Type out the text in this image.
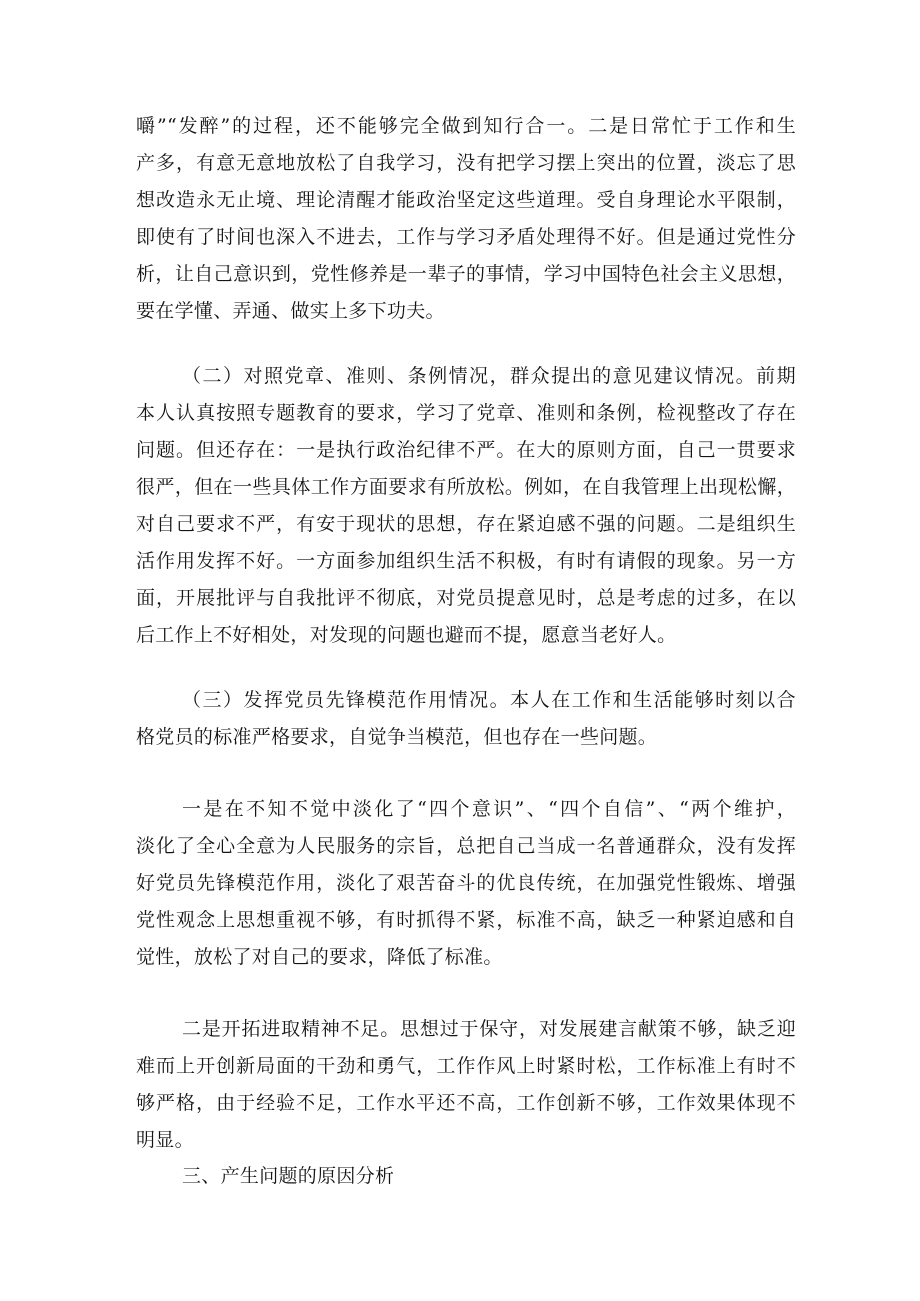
嚼”“发醉”的过程，还不能够完全做到知行合一。二是日常忙于工作和生
产多，有意无意地放松了自我学习，没有把学习摆上突出的位置，淡忘了思
想改造永无止境、理论清醒才能政治坚定这些道理。受自身理论水平限制，
即使有了时间也深入不进去，工作与学习矛盾处理得不好。但是通过党性分
析，让自己意识到，党性修养是一辈子的事情，学习中国特色社会主义思想，
要在学懂、弄通、做实上多下功夫。
（二）对照党章、准则、条例情况，群众提出的意见建议情况。前期
本人认真按照专题教育的要求，学习了党章、准则和条例，检视整改了存在
问题。但还存在：一是执行政治纪律不严。在大的原则方面，自己一贯要求
很严，但在一些具体工作方面要求有所放松。例如，在自我管理上出现松懈，
对自己要求不严，有安于现状的思想，存在紧迫感不强的问题。二是组织生
活作用发挥不好。一方面参加组织生活不积极，有时有请假的现象。另一方
面，开展批评与自我批评不彻底，对党员提意见时，总是考虑的过多，在以
后工作上不好相处，对发现的问题也避而不提，愿意当老好人。
（三）发挥党员先锋模范作用情况。本人在工作和生活能够时刻以合
格党员的标准严格要求，自觉争当模范，但也存在一些问题。
一是在不知不觉中淡化了“四个意识”、“四个自信”、“两个维护，
淡化了全心全意为人民服务的宗旨，总把自己当成一名普通群众，没有发挥
好党员先锋模范作用，淡化了艰苦奋斗的优良传统，在加强党性锻炼、增强
党性观念上思想重视不够，有时抓得不紧，标准不高，缺乏一种紧迫感和自
觉性，放松了对自己的要求，降低了标准。
二是开拓进取精神不足。思想过于保守，对发展建言献策不够，缺乏迎
难而上开创新局面的干劲和勇气，工作作风上时紧时松，工作标准上有时不
够严格，由于经验不足，工作水平还不高，工作创新不够，工作效果体现不
明显。
三、产生问题的原因分析
